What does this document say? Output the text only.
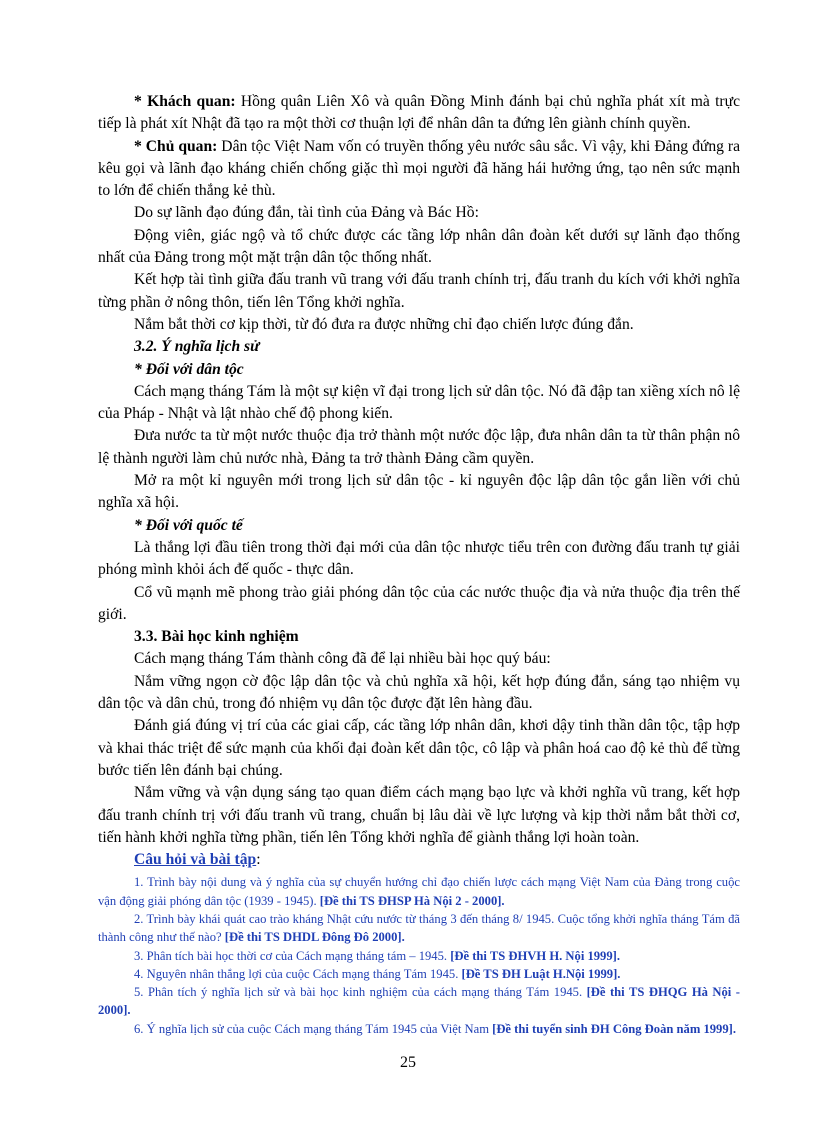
* Khách quan: Hồng quân Liên Xô và quân Đồng Minh đánh bại chủ nghĩa phát xít mà trực tiếp là phát xít Nhật đã tạo ra một thời cơ thuận lợi để nhân dân ta đứng lên giành chính quyền.

* Chủ quan: Dân tộc Việt Nam vốn có truyền thống yêu nước sâu sắc. Vì vậy, khi Đảng đứng ra kêu gọi và lãnh đạo kháng chiến chống giặc thì mọi người đã hăng hái hưởng ứng, tạo nên sức mạnh to lớn để chiến thắng kẻ thù.

Do sự lãnh đạo đúng đắn, tài tình của Đảng và Bác Hồ:

Động viên, giác ngộ và tổ chức được các tầng lớp nhân dân đoàn kết dưới sự lãnh đạo thống nhất của Đảng trong một mặt trận dân tộc thống nhất.

Kết hợp tài tình giữa đấu tranh vũ trang với đấu tranh chính trị, đấu tranh du kích với khởi nghĩa từng phần ở nông thôn, tiến lên Tổng khởi nghĩa.

Nắm bắt thời cơ kịp thời, từ đó đưa ra được những chỉ đạo chiến lược đúng đắn.

3.2. Ý nghĩa lịch sử

* Đối với dân tộc

Cách mạng tháng Tám là một sự kiện vĩ đại trong lịch sử dân tộc. Nó đã đập tan xiềng xích nô lệ của Pháp - Nhật và lật nhào chế độ phong kiến.

Đưa nước ta từ một nước thuộc địa trở thành một nước độc lập, đưa nhân dân ta từ thân phận nô lệ thành người làm chủ nước nhà, Đảng ta trở thành Đảng cầm quyền.

Mở ra một kỉ nguyên mới trong lịch sử dân tộc - kỉ nguyên độc lập dân tộc gắn liền với chủ nghĩa xã hội.

* Đối với quốc tế

Là thắng lợi đầu tiên trong thời đại mới của dân tộc nhược tiểu trên con đường đấu tranh tự giải phóng mình khỏi ách đế quốc - thực dân.

Cổ vũ mạnh mẽ phong trào giải phóng dân tộc của các nước thuộc địa và nửa thuộc địa trên thế giới.

3.3. Bài học kinh nghiệm

Cách mạng tháng Tám thành công đã để lại nhiều bài học quý báu:

Nắm vững ngọn cờ độc lập dân tộc và chủ nghĩa xã hội, kết hợp đúng đắn, sáng tạo nhiệm vụ dân tộc và dân chủ, trong đó nhiệm vụ dân tộc được đặt lên hàng đầu.

Đánh giá đúng vị trí của các giai cấp, các tầng lớp nhân dân, khơi dậy tinh thần dân tộc, tập hợp và khai thác triệt để sức mạnh của khối đại đoàn kết dân tộc, cô lập và phân hoá cao độ kẻ thù để từng bước tiến lên đánh bại chúng.

Nắm vững và vận dụng sáng tạo quan điểm cách mạng bạo lực và khởi nghĩa vũ trang, kết hợp đấu tranh chính trị với đấu tranh vũ trang, chuẩn bị lâu dài về lực lượng và kịp thời nắm bắt thời cơ, tiến hành khởi nghĩa từng phần, tiến lên Tổng khởi nghĩa để giành thắng lợi hoàn toàn.

Câu hỏi và bài tập:

1. Trình bày nội dung và ý nghĩa của sự chuyển hướng chỉ đạo chiến lược cách mạng Việt Nam của Đảng trong cuộc vận động giải phóng dân tộc (1939 - 1945). [Đề thi TS ĐHSP Hà Nội 2 - 2000].

2. Trình bày khái quát cao trào kháng Nhật cứu nước từ tháng 3 đến tháng 8/ 1945. Cuộc tổng khởi nghĩa tháng Tám đã thành công như thế nào? [Đề thi TS DHDL Đông Đô 2000].

3. Phân tích bài học thời cơ của Cách mạng tháng tám – 1945. [Đề thi TS ĐHVH H. Nội 1999].

4. Nguyên nhân thắng lợi của cuộc Cách mạng tháng Tám 1945. [Đề TS ĐH Luật H.Nội 1999].

5. Phân tích ý nghĩa lịch sử và bài học kinh nghiệm của cách mạng tháng Tám 1945. [Đề thi TS ĐHQG Hà Nội - 2000].

6. Ý nghĩa lịch sử của cuộc Cách mạng tháng Tám 1945 của Việt Nam [Đề thi tuyển sinh ĐH Công Đoàn năm 1999].

25
